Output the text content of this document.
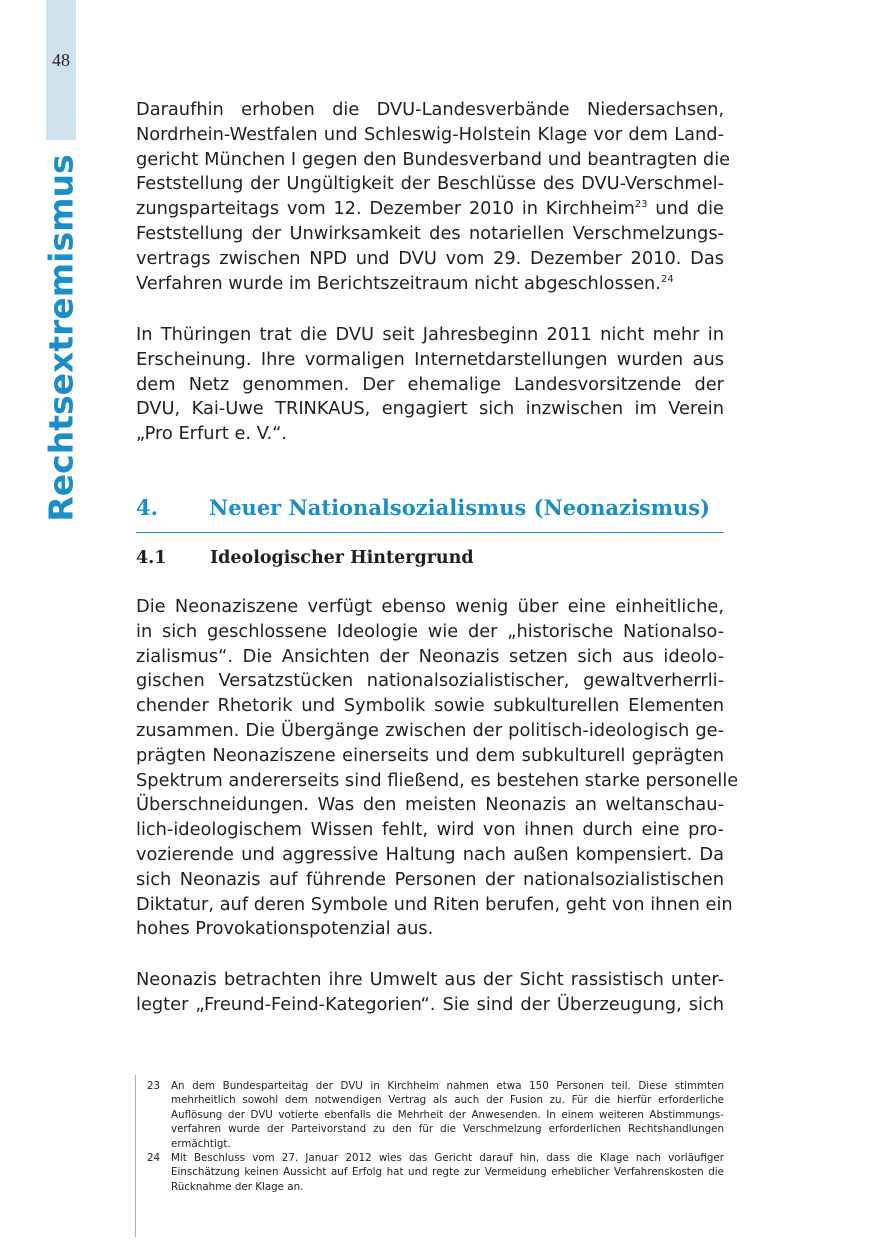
48
Rechtsextremismus
Daraufhin erhoben die DVU-Landesverbände Niedersachsen,
Nordrhein-Westfalen und Schleswig-Holstein Klage vor dem Land-
gericht München I gegen den Bundesverband und beantragten die
Feststellung der Ungültigkeit der Beschlüsse des DVU-Verschmel-
zungsparteitags vom 12. Dezember 2010 in Kirchheim$^{23}$ und die
Feststellung der Unwirksamkeit des notariellen Verschmelzungs-
vertrags zwischen NPD und DVU vom 29. Dezember 2010. Das
Verfahren wurde im Berichtszeitraum nicht abgeschlossen.$^{24}$
In Thüringen trat die DVU seit Jahresbeginn 2011 nicht mehr in
Erscheinung. Ihre vormaligen Internetdarstellungen wurden aus
dem Netz genommen. Der ehemalige Landesvorsitzende der
DVU, Kai-Uwe TRINKAUS, engagiert sich inzwischen im Verein
„Pro Erfurt e. V.“.
4. Neuer Nationalsozialismus (Neonazismus)
4.1 Ideologischer Hintergrund
Die Neonaziszene verfügt ebenso wenig über eine einheitliche,
in sich geschlossene Ideologie wie der „historische Nationalso-
zialismus“. Die Ansichten der Neonazis setzen sich aus ideolo-
gischen Versatzstücken nationalsozialistischer, gewaltverherrli-
chender Rhetorik und Symbolik sowie subkulturellen Elementen
zusammen. Die Übergänge zwischen der politisch-ideologisch ge-
prägten Neonaziszene einerseits und dem subkulturell geprägten
Spektrum andererseits sind fließend, es bestehen starke personelle
Überschneidungen. Was den meisten Neonazis an weltanschau-
lich-ideologischem Wissen fehlt, wird von ihnen durch eine pro-
vozierende und aggressive Haltung nach außen kompensiert. Da
sich Neonazis auf führende Personen der nationalsozialistischen
Diktatur, auf deren Symbole und Riten berufen, geht von ihnen ein
hohes Provokationspotenzial aus.
Neonazis betrachten ihre Umwelt aus der Sicht rassistisch unter-
legter „Freund-Feind-Kategorien“. Sie sind der Überzeugung, sich
23 An dem Bundesparteitag der DVU in Kirchheim nahmen etwa 150 Personen teil. Diese stimmten
mehrheitlich sowohl dem notwendigen Vertrag als auch der Fusion zu. Für die hierfür erforderliche
Auflösung der DVU votierte ebenfalls die Mehrheit der Anwesenden. In einem weiteren Abstimmungs-
verfahren wurde der Parteivorstand zu den für die Verschmelzung erforderlichen Rechtshandlungen
ermächtigt.
24 Mit Beschluss vom 27. Januar 2012 wies das Gericht darauf hin, dass die Klage nach vorläufiger
Einschätzung keinen Aussicht auf Erfolg hat und regte zur Vermeidung erheblicher Verfahrenskosten die
Rücknahme der Klage an.
